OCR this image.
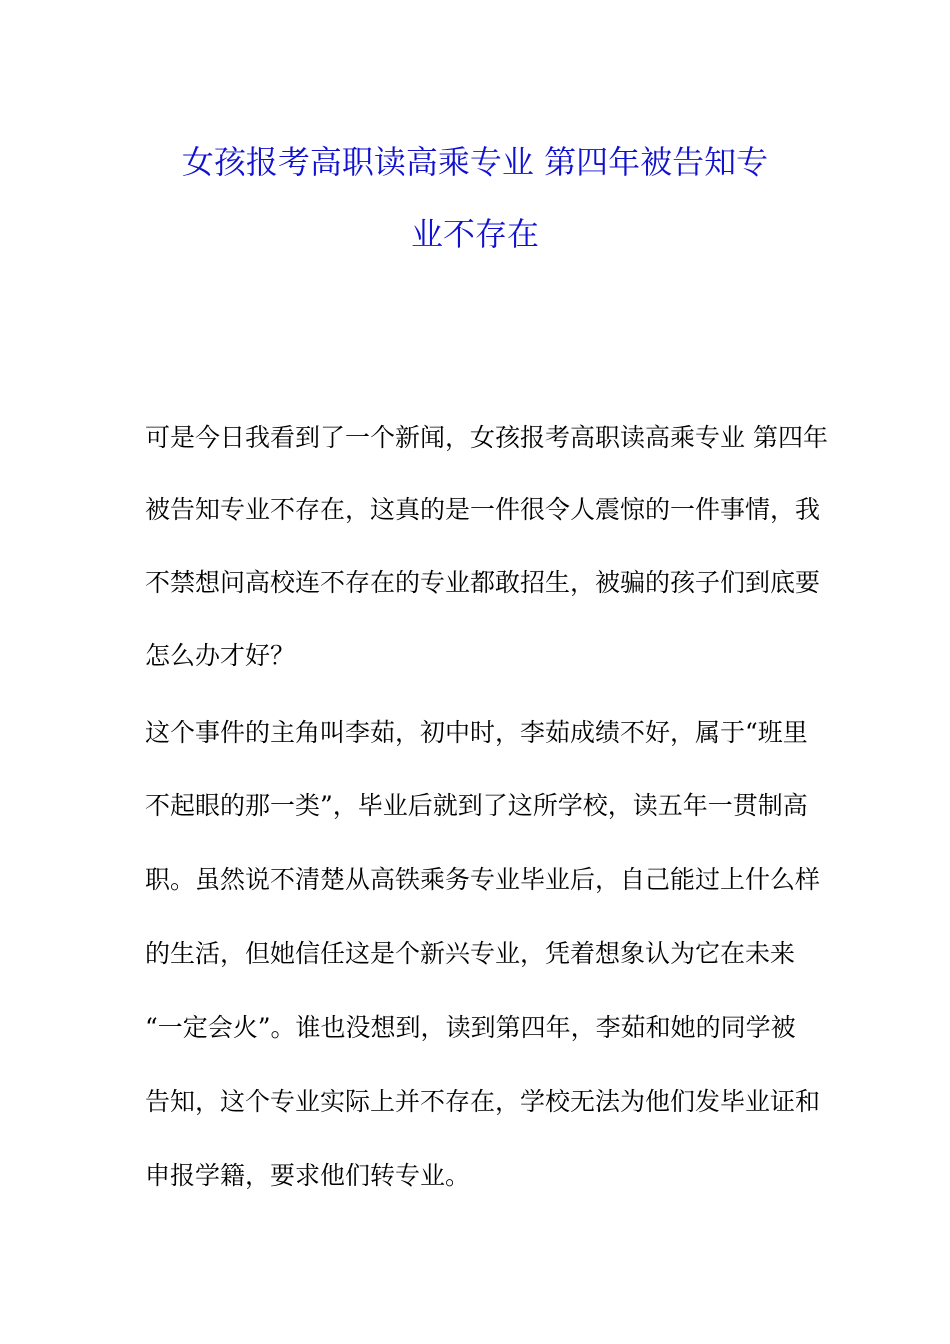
女孩报考高职读高乘专业 第四年被告知专
业不存在

可是今日我看到了一个新闻，女孩报考高职读高乘专业 第四年

被告知专业不存在，这真的是一件很令人震惊的一件事情，我

不禁想问高校连不存在的专业都敢招生，被骗的孩子们到底要

怎么办才好？

这个事件的主角叫李茹，初中时，李茹成绩不好，属于“班里

不起眼的那一类”，毕业后就到了这所学校，读五年一贯制高

职。虽然说不清楚从高铁乘务专业毕业后，自己能过上什么样

的生活，但她信任这是个新兴专业，凭着想象认为它在未来

“一定会火”。谁也没想到，读到第四年，李茹和她的同学被

告知，这个专业实际上并不存在，学校无法为他们发毕业证和

申报学籍，要求他们转专业。
